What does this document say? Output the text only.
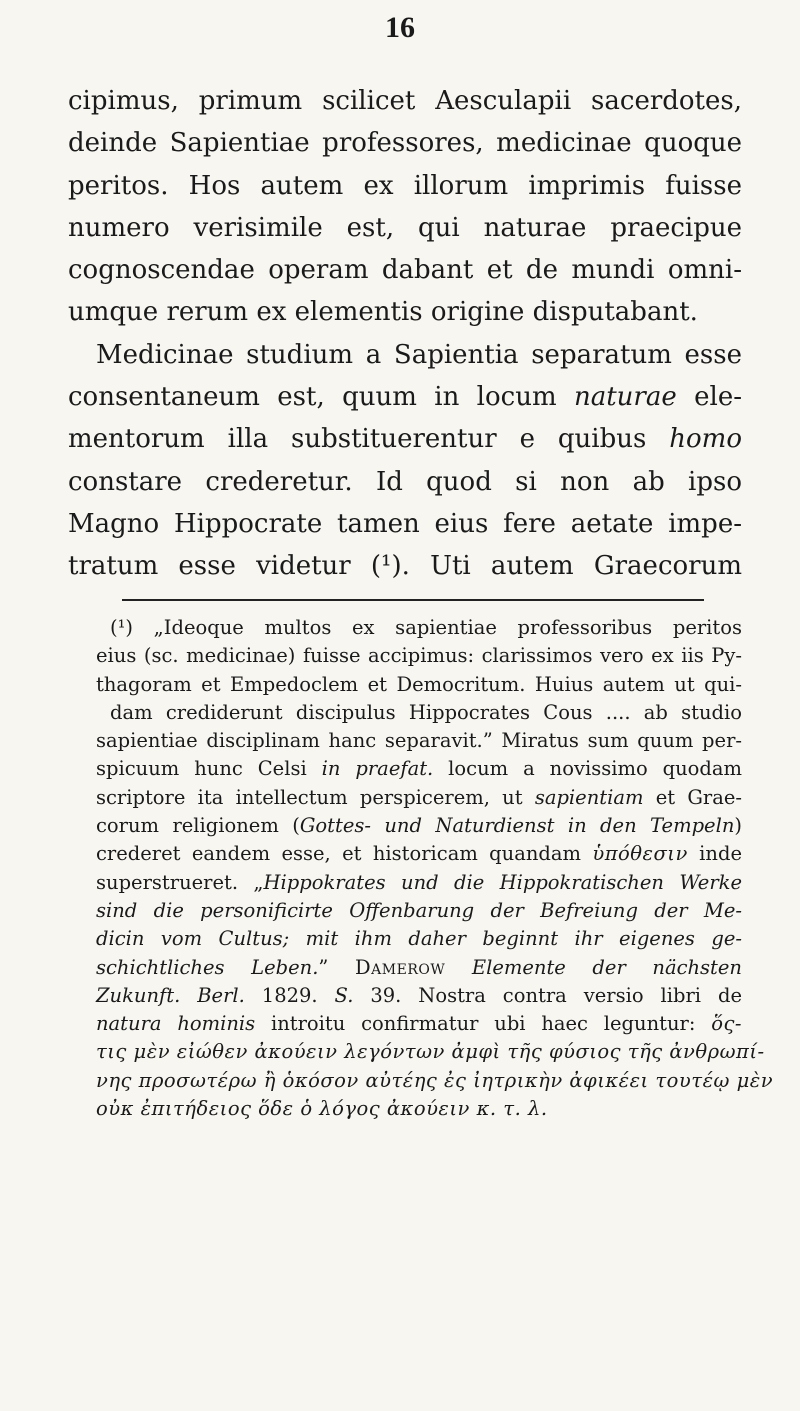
16

cipimus, primum scilicet Aesculapii sacerdotes,
deinde Sapientiae professores, medicinae quoque
peritos. Hos autem ex illorum imprimis fuisse
numero verisimile est, qui naturae praecipue
cognoscendae operam dabant et de mundi omni-
umque rerum ex elementis origine disputabant.

Medicinae studium a Sapientia separatum esse
consentaneum est, quum in locum naturae ele-
mentorum illa substituerentur e quibus homo
constare crederetur. Id quod si non ab ipso
Magno Hippocrate tamen eius fere aetate impe-
tratum esse videtur (¹). Uti autem Graecorum

(¹) „Ideoque multos ex sapientiae professoribus peritos
eius (sc. medicinae) fuisse accipimus: clarissimos vero ex iis Py-
thagoram et Empedoclem et Democritum. Huius autem ut qui-
dam crediderunt discipulus Hippocrates Cous .... ab studio
sapientiae disciplinam hanc separavit.” Miratus sum quum per-
spicuum hunc Celsi in praefat. locum a novissimo quodam
scriptore ita intellectum perspicerem, ut sapientiam et Grae-
corum religionem (Gottes- und Naturdienst in den Tempeln)
crederet eandem esse, et historicam quandam ὑπόθεσιν inde
superstrueret. „Hippokrates und die Hippokratischen Werke
sind die personificirte Offenbarung der Befreiung der Me-
dicin vom Cultus; mit ihm daher beginnt ihr eigenes ge-
schichtliches Leben.” Damerow Elemente der nächsten
Zukunft. Berl. 1829. S. 39. Nostra contra versio libri de
natura hominis introitu confirmatur ubi haec leguntur: ὅς-
τις μὲν εἰώθεν ἀκούειν λεγόντων ἀμφὶ τῆς φύσιος τῆς ἀνθρωπί-
νης προσωτέρω ἢ ὁκόσον αὐτέης ἐς ἰητρικὴν ἀφικέει τουτέῳ μὲν
οὐκ ἐπιτήδειος ὅδε ὁ λόγος ἀκούειν κ. τ. λ.
